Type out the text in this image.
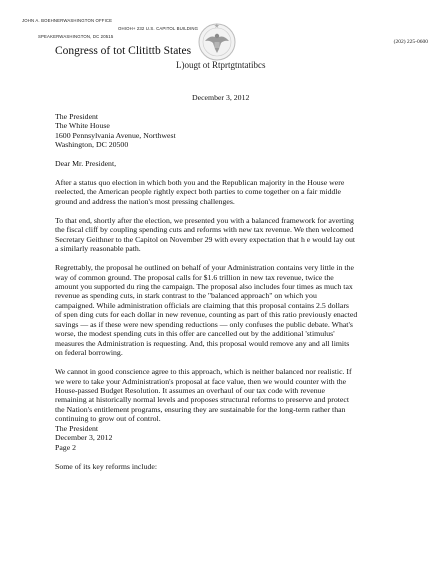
JOHN A. BOEHNERWASHINGTON OFFICE
OHIOH+ 232 U.S. CAPITOL BUILDING
SPEAKERWASHINGTON, DC 20515
(202) 225-0600
Congress of tot Clitittb States
L)ougt ot Rtprtgtntatibcs
December 3, 2012
The President
The White House
1600 Pennsylvania Avenue, Northwest
Washington, DC 20500
Dear Mr. President,

After a status quo election in which both you and the Republican majority in the House were
reelected, the American people rightly expect both parties to come together on a fair middle
ground and address the nation's most pressing challenges.

To that end, shortly after the election, we presented you with a balanced framework for averting
the fiscal cliff by coupling spending cuts and reforms with new tax revenue. We then welcomed
Secretary Geithner to the Capitol on November 29 with every expectation that h e would lay out
a similarly reasonable path.

Regrettably, the proposal he outlined on behalf of your Administration contains very little in the
way of common ground. The proposal calls for $1.6 trillion in new tax revenue, twice the
amount you supported du ring the campaign. The proposal also includes four times as much tax
revenue as spending cuts, in stark contrast to the "balanced approach" on which you
campaigned. While administration officials are claiming that this proposal contains 2.5 dollars
of spen ding cuts for each dollar in new revenue, counting as part of this ratio previously enacted
savings — as if these were new spending reductions — only confuses the public debate. What's
worse, the modest spending cuts in this offer are cancelled out by the additional 'stimulus'
measures the Administration is requesting. And, this proposal would remove any and all limits
on federal borrowing.

We cannot in good conscience agree to this approach, which is neither balanced nor realistic. If
we were to take your Administration's proposal at face value, then we would counter with the
House-passed Budget Resolution. It assumes an overhaul of our tax code with revenue
remaining at historically normal levels and proposes structural reforms to preserve and protect
the Nation's entitlement programs, ensuring they are sustainable for the long-term rather than
continuing to grow out of control.

The President
December 3, 2012
Page 2
Some of its key reforms include:
